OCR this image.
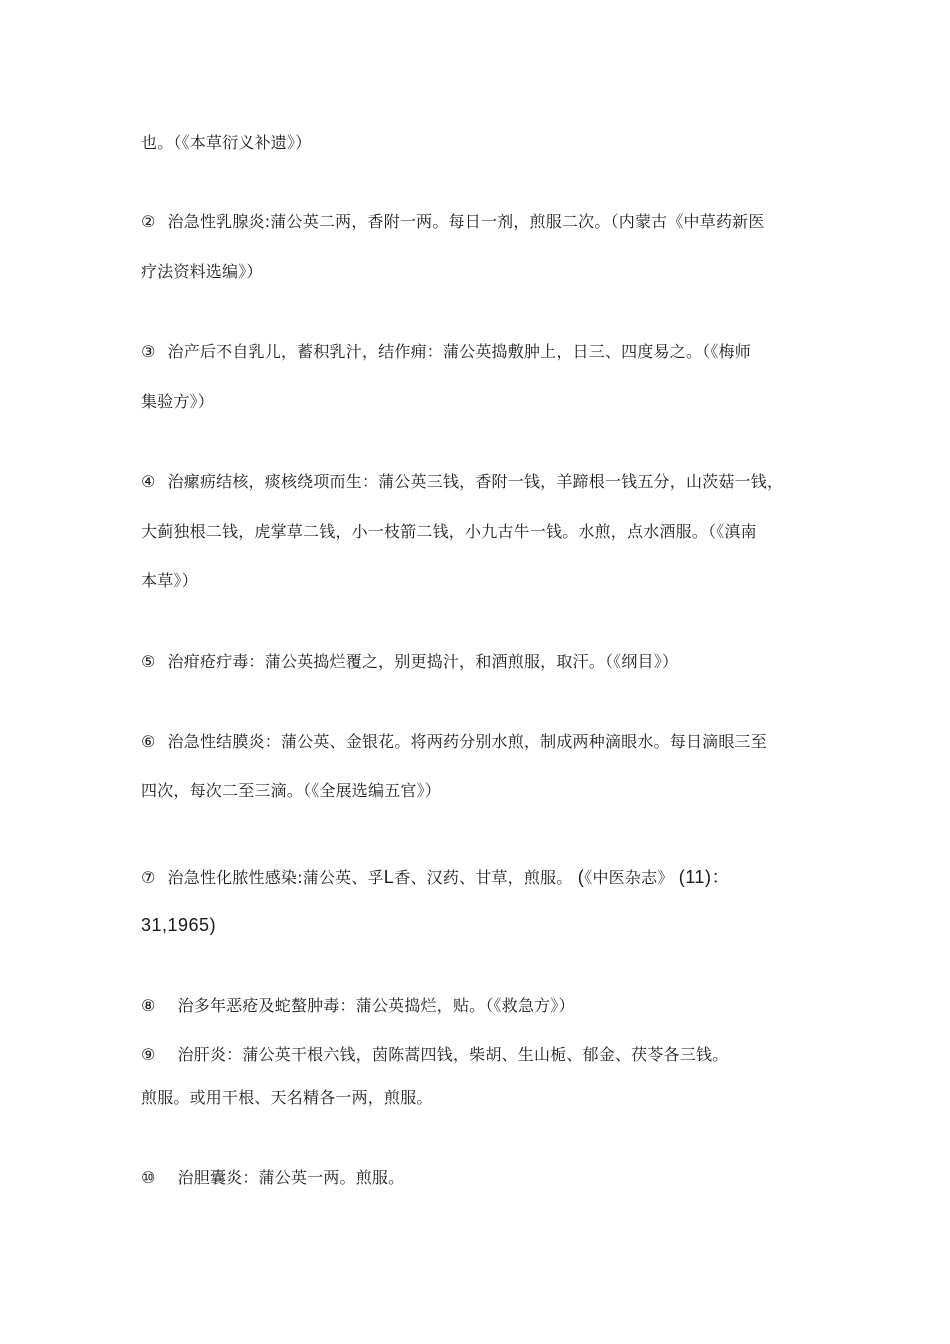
也。（《本草衍义补遗》）
② 治急性乳腺炎:蒲公英二两，香附一两。每日一剂，煎服二次。（内蒙古《中草药新医
疗法资料选编》）
③ 治产后不自乳儿，蓄积乳汁，结作痈：蒲公英捣敷肿上，日三、四度易之。（《梅师
集验方》）
④ 治瘰疬结核，痰核绕项而生：蒲公英三钱，香附一钱，羊蹄根一钱五分，山茨菇一钱，
大蓟独根二钱，虎掌草二钱，小一枝箭二钱，小九古牛一钱。水煎，点水酒服。（《滇南
本草》）
⑤ 治疳疮疔毒：蒲公英捣烂覆之，别更捣汁，和酒煎服，取汗。（《纲目》）
⑥ 治急性结膜炎：蒲公英、金银花。将两药分别水煎，制成两种滴眼水。每日滴眼三至
四次，每次二至三滴。（《全展选编五官》）
⑦ 治急性化脓性感染:蒲公英、孚L香、汉药、甘草，煎服。 (《中医杂志》 (11)：
31,1965)
⑧ 治多年恶疮及蛇螯肿毒：蒲公英捣烂，贴。（《救急方》）
⑨ 治肝炎：蒲公英干根六钱，茵陈蒿四钱，柴胡、生山栀、郁金、茯苓各三钱。
煎服。或用干根、天名精各一两，煎服。
⑩ 治胆囊炎：蒲公英一两。煎服。
